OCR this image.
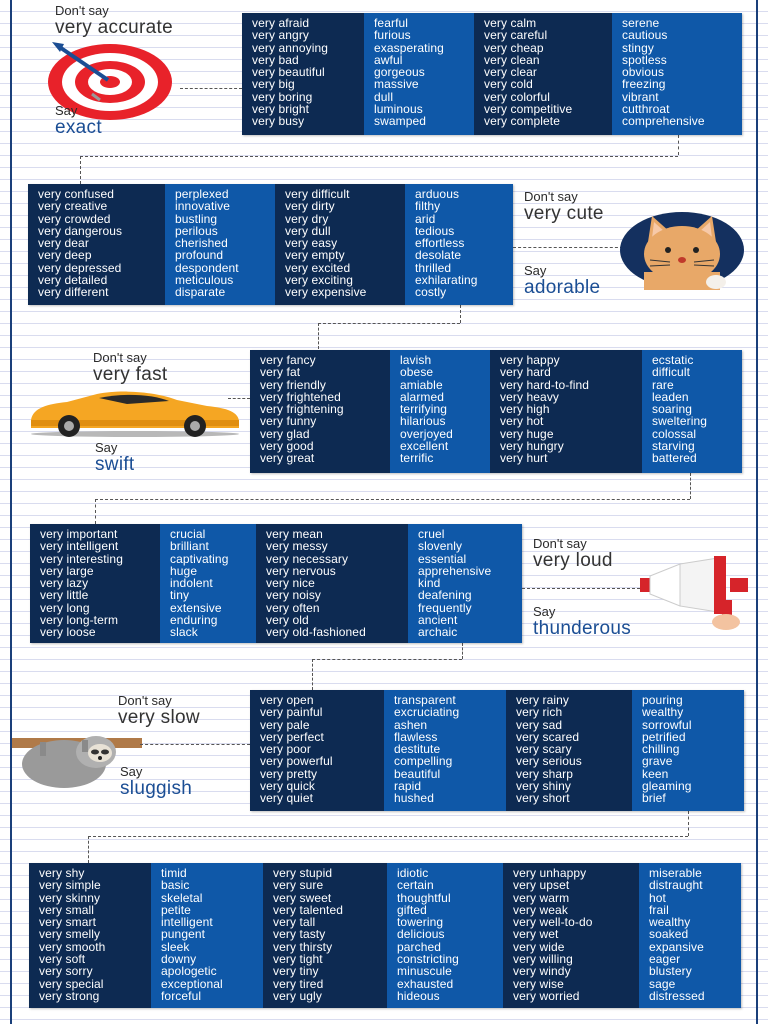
Don't say
very accurate
Say
exact
very afraid
very angry
very annoying
very bad
very beautiful
very big
very boring
very bright
very busy
fearful
furious
exasperating
awful
gorgeous
massive
dull
luminous
swamped
very calm
very careful
very cheap
very clean
very clear
very cold
very colorful
very competitive
very complete
serene
cautious
stingy
spotless
obvious
freezing
vibrant
cutthroat
comprehensive
very confused
very creative
very crowded
very dangerous
very dear
very deep
very depressed
very detailed
very different
perplexed
innovative
bustling
perilous
cherished
profound
despondent
meticulous
disparate
very difficult
very dirty
very dry
very dull
very easy
very empty
very excited
very exciting
very expensive
arduous
filthy
arid
tedious
effortless
desolate
thrilled
exhilarating
costly
Don't say
very cute
Say
adorable
Don't say
very fast
Say
swift
very fancy
very fat
very friendly
very frightened
very frightening
very funny
very glad
very good
very great
lavish
obese
amiable
alarmed
terrifying
hilarious
overjoyed
excellent
terrific
very happy
very hard
very hard-to-find
very heavy
very high
very hot
very huge
very hungry
very hurt
ecstatic
difficult
rare
leaden
soaring
sweltering
colossal
starving
battered
very important
very intelligent
very interesting
very large
very lazy
very little
very long
very long-term
very loose
crucial
brilliant
captivating
huge
indolent
tiny
extensive
enduring
slack
very mean
very messy
very necessary
very nervous
very nice
very noisy
very often
very old
very old-fashioned
cruel
slovenly
essential
apprehensive
kind
deafening
frequently
ancient
archaic
Don't say
very loud
Say
thunderous
Don't say
very slow
Say
sluggish
very open
very painful
very pale
very perfect
very poor
very powerful
very pretty
very quick
very quiet
transparent
excruciating
ashen
flawless
destitute
compelling
beautiful
rapid
hushed
very rainy
very rich
very sad
very scared
very scary
very serious
very sharp
very shiny
very short
pouring
wealthy
sorrowful
petrified
chilling
grave
keen
gleaming
brief
very shy
very simple
very skinny
very small
very smart
very smelly
very smooth
very soft
very sorry
very special
very strong
timid
basic
skeletal
petite
intelligent
pungent
sleek
downy
apologetic
exceptional
forceful
very stupid
very sure
very sweet
very talented
very tall
very tasty
very thirsty
very tight
very tiny
very tired
very ugly
idiotic
certain
thoughtful
gifted
towering
delicious
parched
constricting
minuscule
exhausted
hideous
very unhappy
very upset
very warm
very weak
very well-to-do
very wet
very wide
very willing
very windy
very wise
very worried
miserable
distraught
hot
frail
wealthy
soaked
expansive
eager
blustery
sage
distressed
